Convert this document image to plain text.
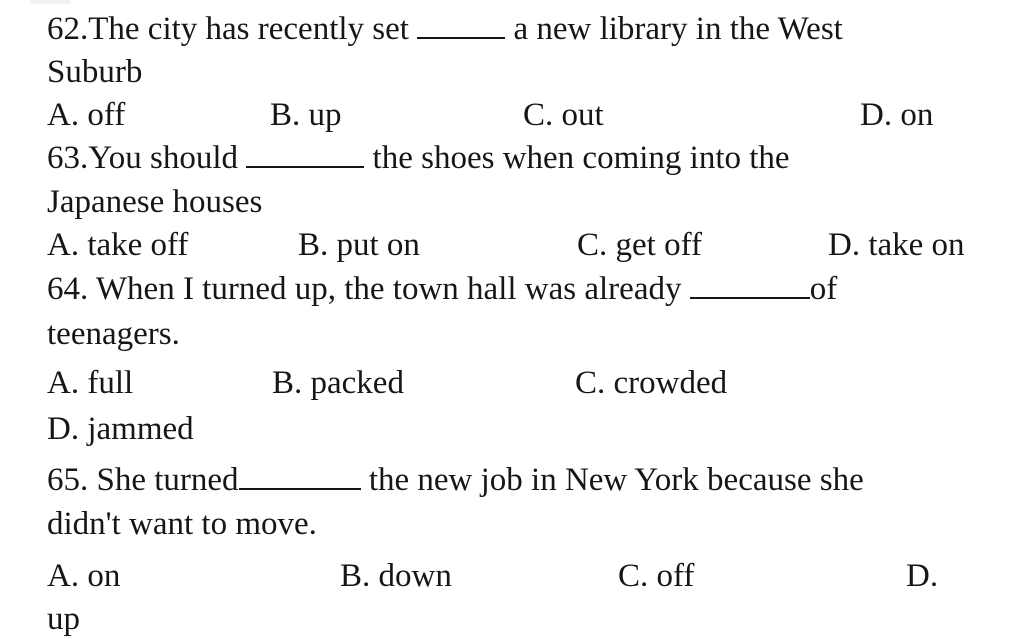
62.The city has recently set	a new library in the West
Suburb
A. off	B. up	C. out	D. on
63.You should	the shoes when coming into the
Japanese houses
A. take off	B. put on	C. get off	D. take on
64. When I turned up, the town hall was already	of
teenagers.
A. full	B. packed	C. crowded
D. jammed
65. She turned	the new job in New York because she
didn't want to move.
A. on	B. down	C. off	D.
up
